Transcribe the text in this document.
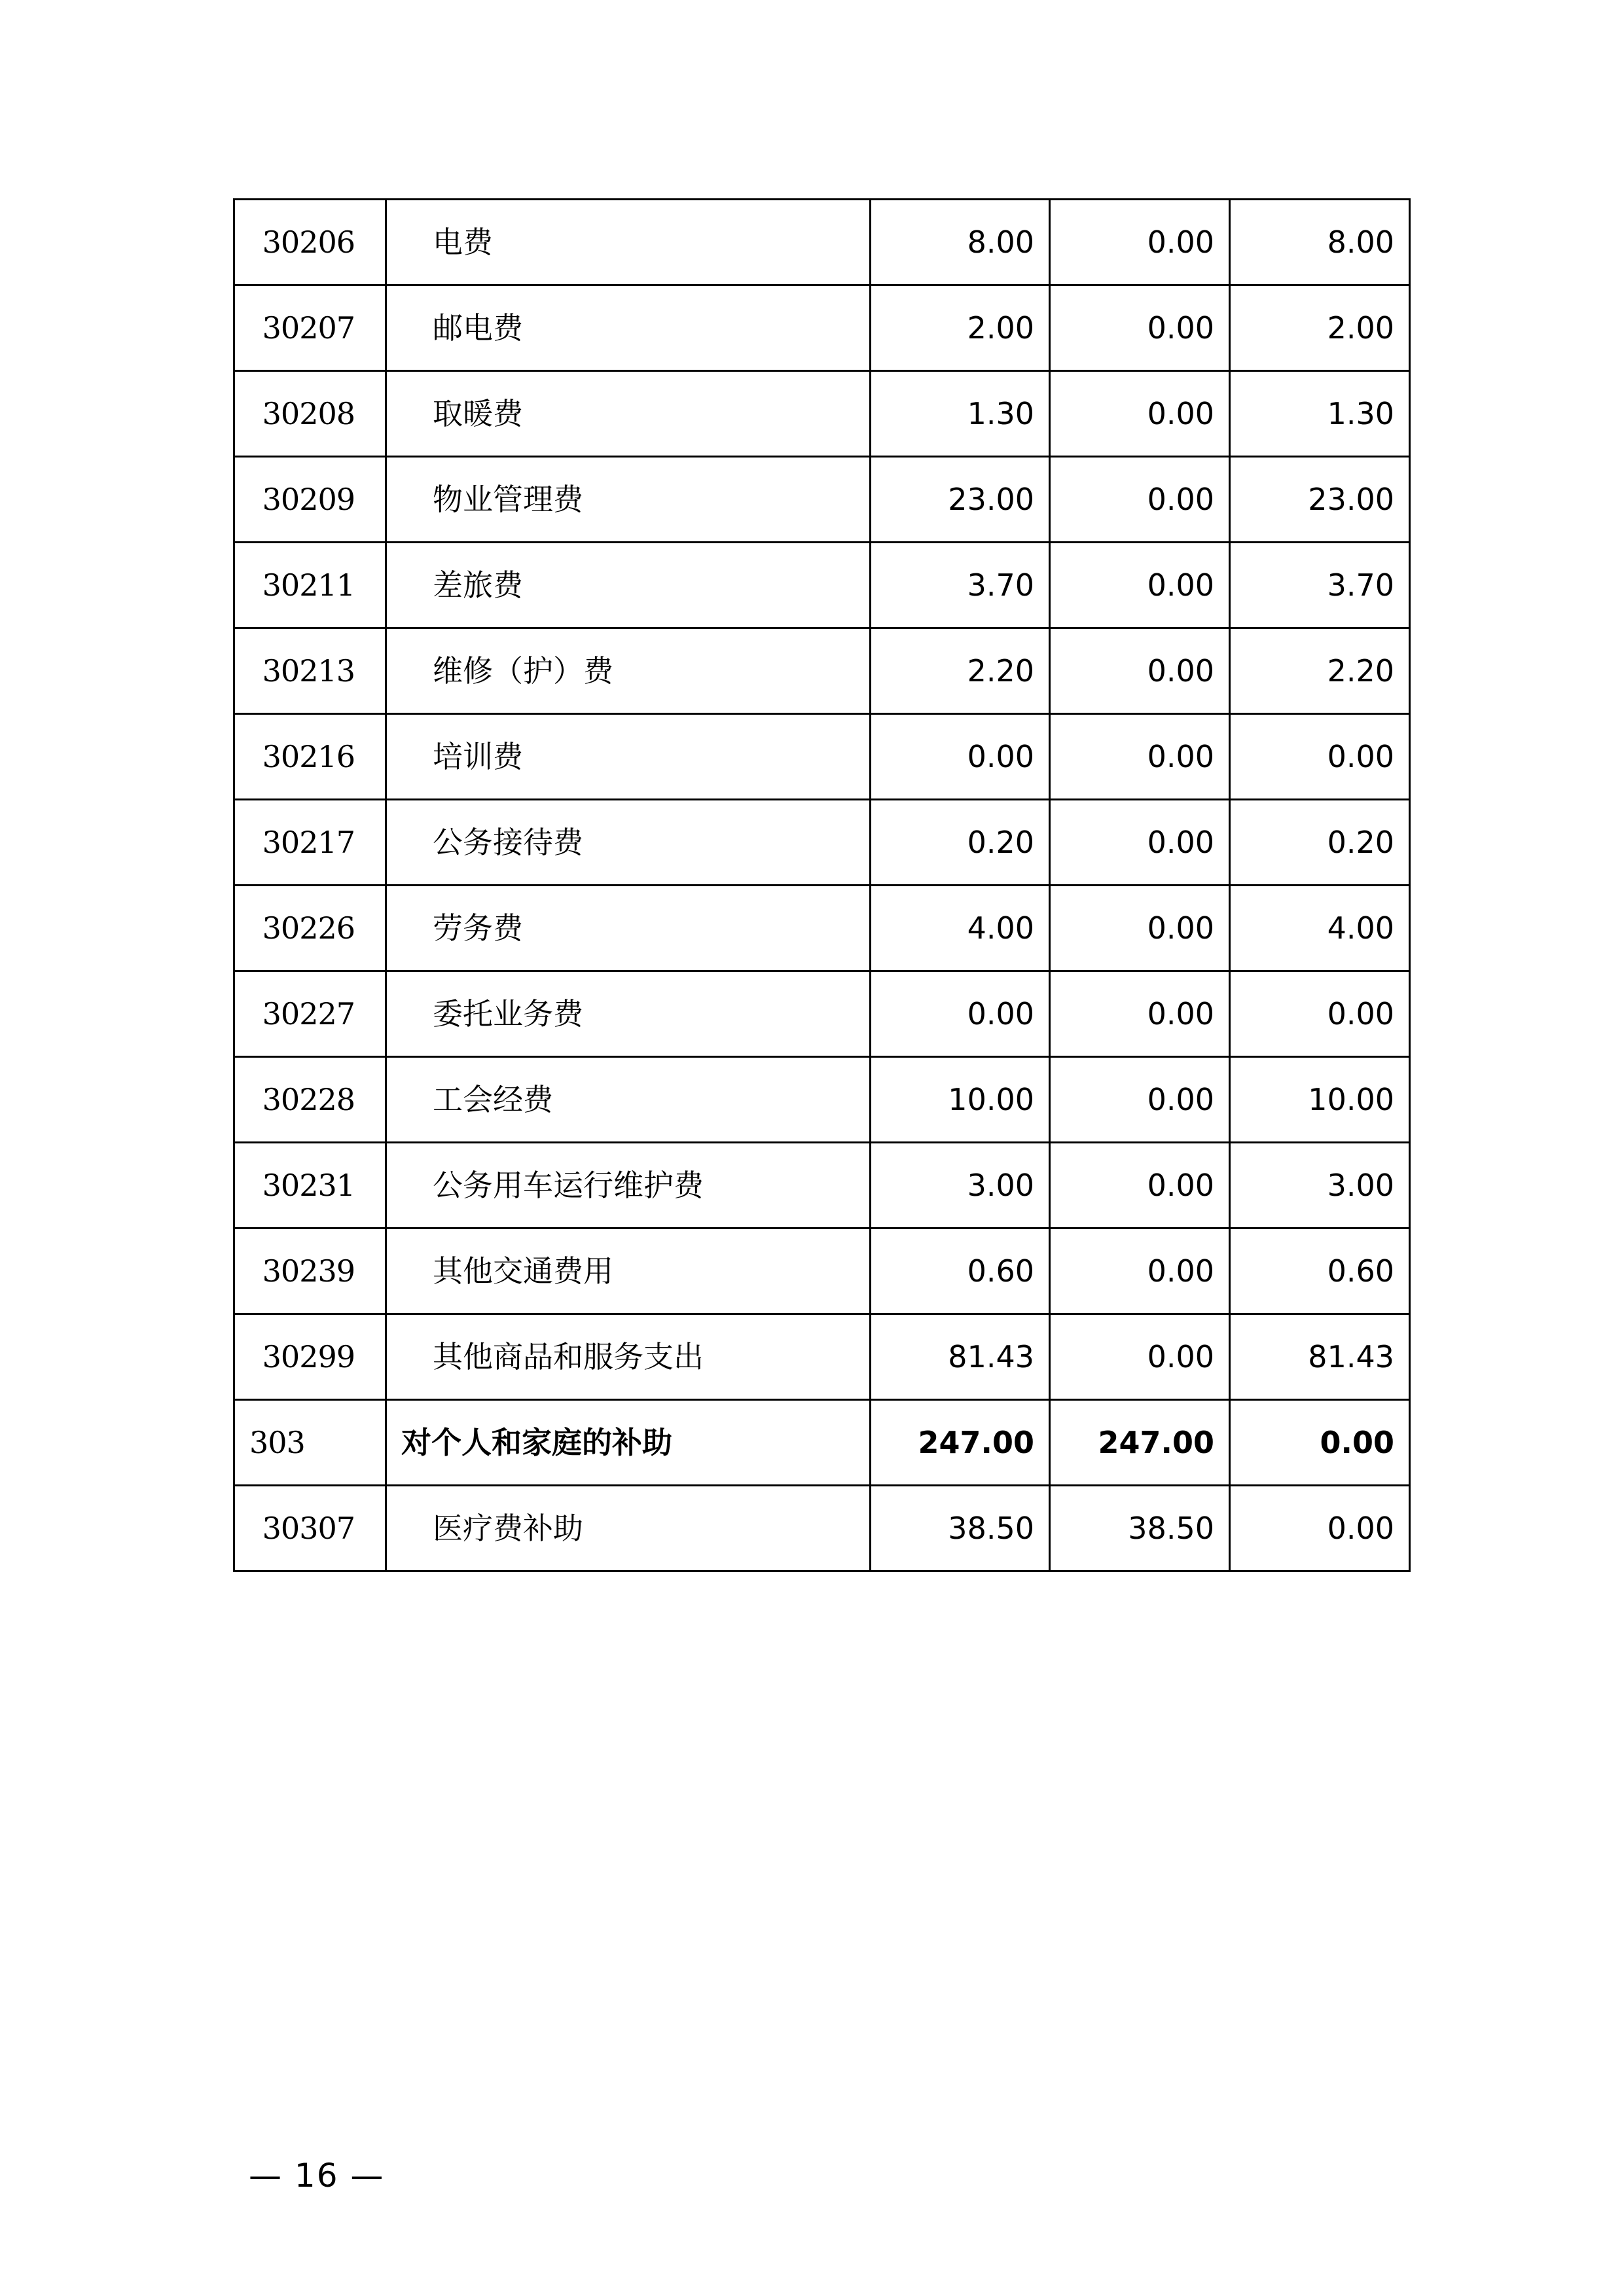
30206	电费	8.00	0.00	8.00
30207	邮电费	2.00	0.00	2.00
30208	取暖费	1.30	0.00	1.30
30209	物业管理费	23.00	0.00	23.00
30211	差旅费	3.70	0.00	3.70
30213	维修（护）费	2.20	0.00	2.20
30216	培训费	0.00	0.00	0.00
30217	公务接待费	0.20	0.00	0.20
30226	劳务费	4.00	0.00	4.00
30227	委托业务费	0.00	0.00	0.00
30228	工会经费	10.00	0.00	10.00
30231	公务用车运行维护费	3.00	0.00	3.00
30239	其他交通费用	0.60	0.00	0.60
30299	其他商品和服务支出	81.43	0.00	81.43
303	对个人和家庭的补助	247.00	247.00	0.00
30307	医疗费补助	38.50	38.50	0.00
— 16 —
